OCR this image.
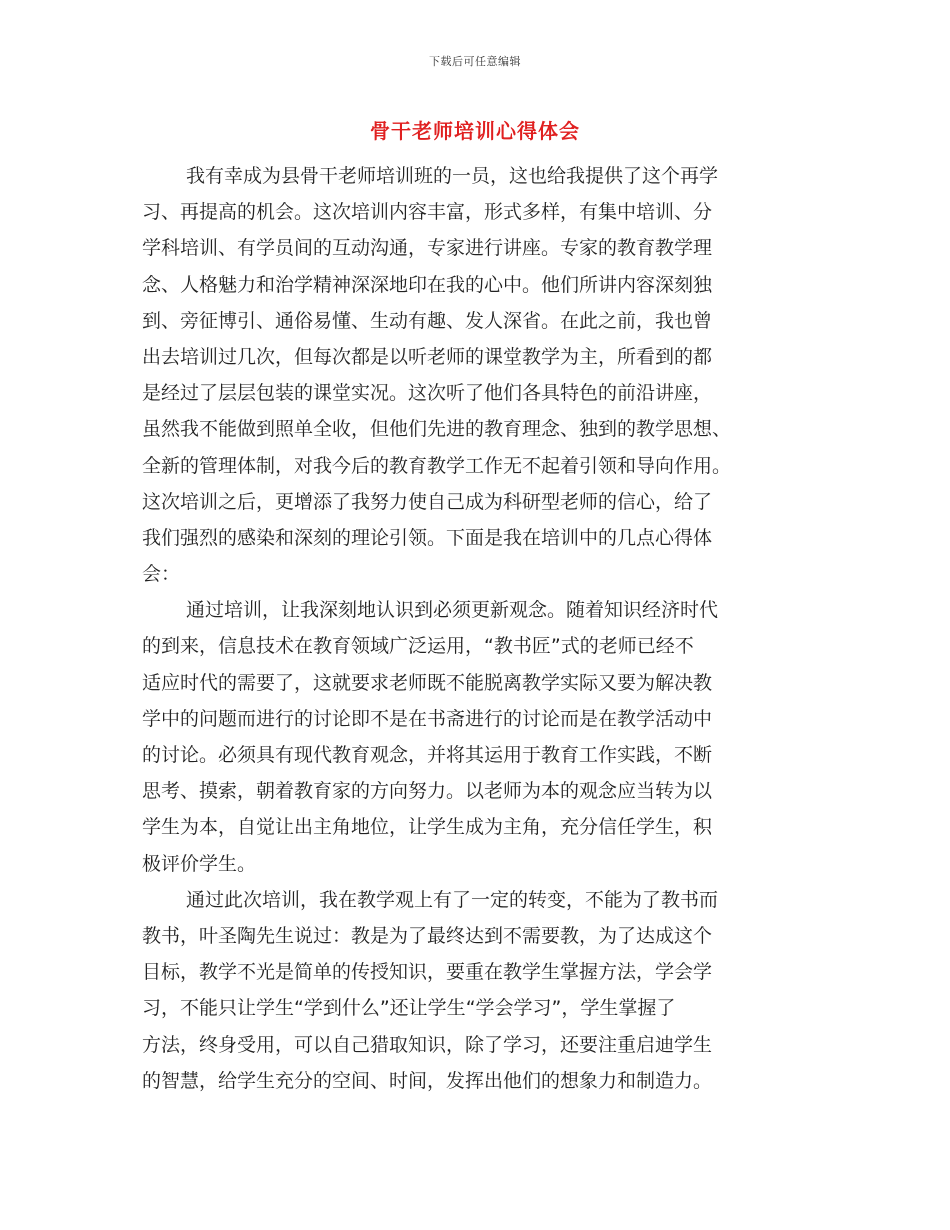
下载后可任意编辑
骨干老师培训心得体会
我有幸成为县骨干老师培训班的一员，这也给我提供了这个再学
习、再提高的机会。这次培训内容丰富，形式多样，有集中培训、分
学科培训、有学员间的互动沟通，专家进行讲座。专家的教育教学理
念、人格魅力和治学精神深深地印在我的心中。他们所讲内容深刻独
到、旁征博引、通俗易懂、生动有趣、发人深省。在此之前，我也曾
出去培训过几次，但每次都是以听老师的课堂教学为主，所看到的都
是经过了层层包装的课堂实况。这次听了他们各具特色的前沿讲座，
虽然我不能做到照单全收，但他们先进的教育理念、独到的教学思想、
全新的管理体制，对我今后的教育教学工作无不起着引领和导向作用。
这次培训之后，更增添了我努力使自己成为科研型老师的信心，给了
我们强烈的感染和深刻的理论引领。下面是我在培训中的几点心得体
会：
通过培训，让我深刻地认识到必须更新观念。随着知识经济时代
的到来，信息技术在教育领域广泛运用，“教书匠”式的老师已经不
适应时代的需要了，这就要求老师既不能脱离教学实际又要为解决教
学中的问题而进行的讨论即不是在书斋进行的讨论而是在教学活动中
的讨论。必须具有现代教育观念，并将其运用于教育工作实践，不断
思考、摸索，朝着教育家的方向努力。以老师为本的观念应当转为以
学生为本，自觉让出主角地位，让学生成为主角，充分信任学生，积
极评价学生。
通过此次培训，我在教学观上有了一定的转变，不能为了教书而
教书，叶圣陶先生说过：教是为了最终达到不需要教，为了达成这个
目标，教学不光是简单的传授知识，要重在教学生掌握方法，学会学
习，不能只让学生“学到什么”还让学生“学会学习”，学生掌握了
方法，终身受用，可以自己猎取知识，除了学习，还要注重启迪学生
的智慧，给学生充分的空间、时间，发挥出他们的想象力和制造力。
